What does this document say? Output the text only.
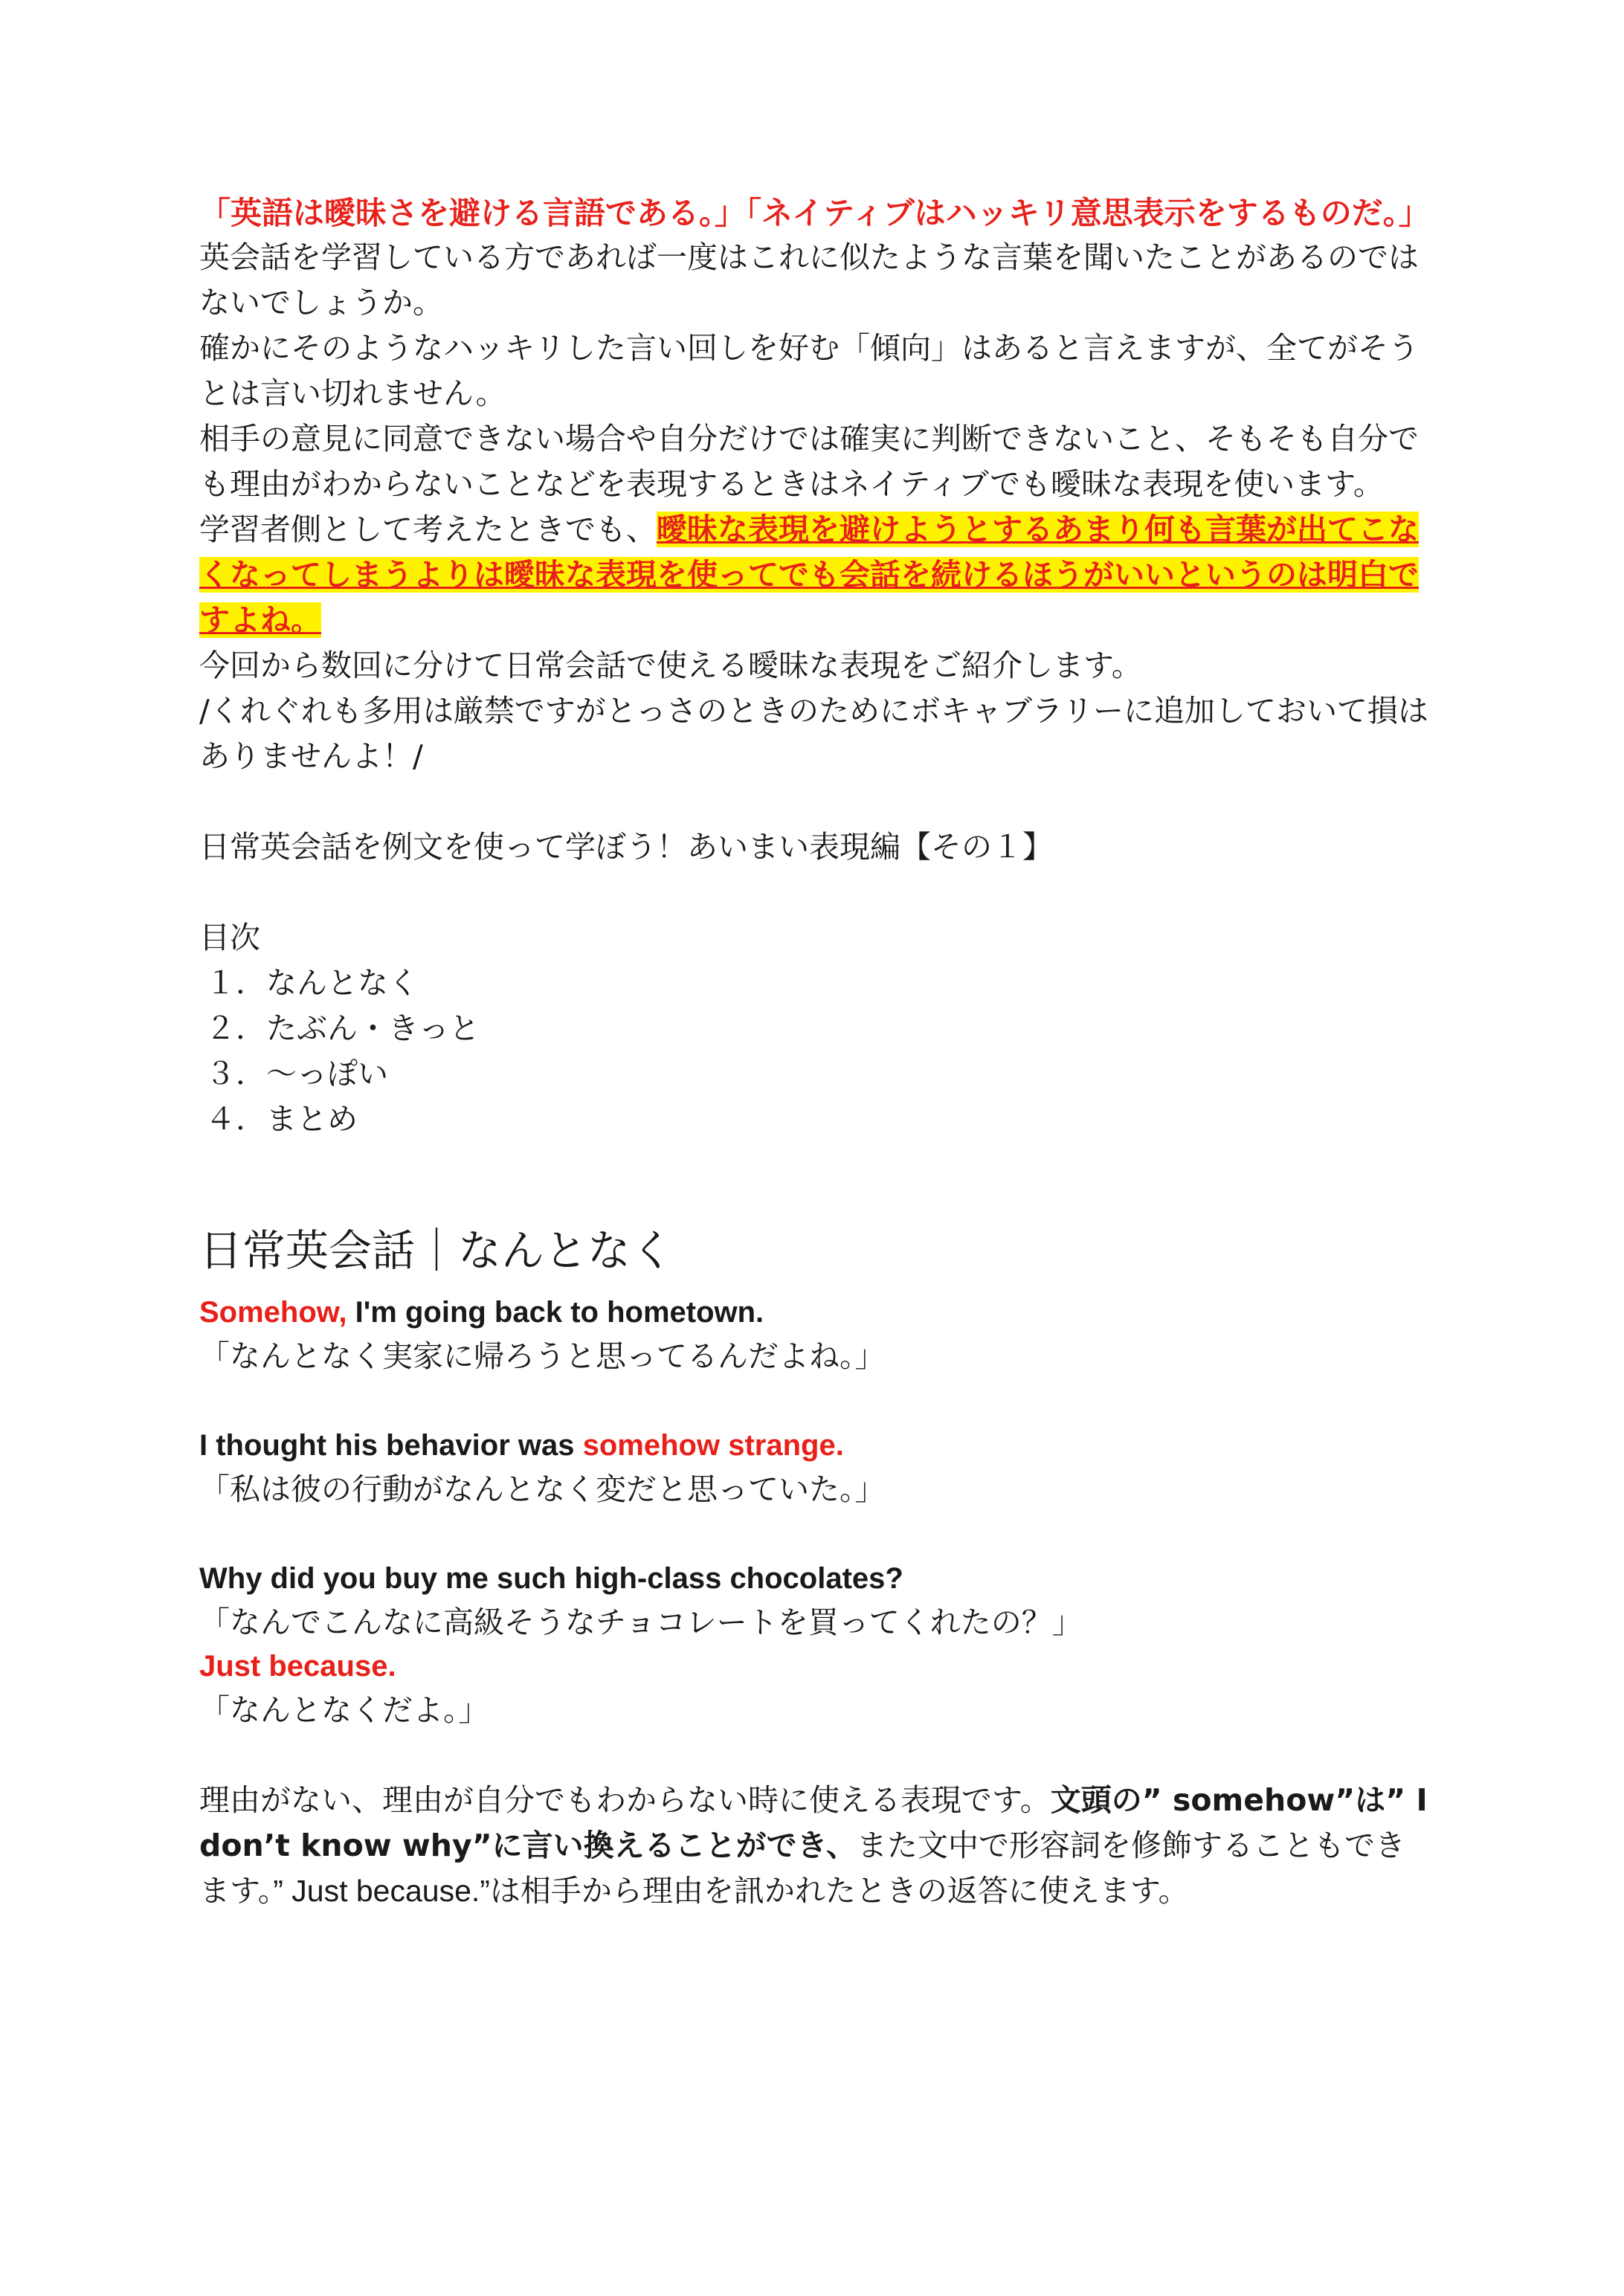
「英語は曖昧さを避ける言語である。」「ネイティブはハッキリ意思表示をするものだ。」

英会話を学習している方であれば一度はこれに似たような言葉を聞いたことがあるのではないでしょうか。

確かにそのようなハッキリした言い回しを好む「傾向」はあると言えますが、全てがそうとは言い切れません。

相手の意見に同意できない場合や自分だけでは確実に判断できないこと、そもそも自分でも理由がわからないことなどを表現するときはネイティブでも曖昧な表現を使います。

学習者側として考えたときでも、曖昧な表現を避けようとするあまり何も言葉が出てこなくなってしまうよりは曖昧な表現を使ってでも会話を続けるほうがいいというのは明白ですよね。

今回から数回に分けて日常会話で使える曖昧な表現をご紹介します。

/くれぐれも多用は厳禁ですがとっさのときのためにボキャブラリーに追加しておいて損はありませんよ！/

日常英会話を例文を使って学ぼう！あいまい表現編【その１】

目次

１．なんとなく

２．たぶん・きっと

３．〜っぽい

４．まとめ

日常英会話｜なんとなく

Somehow, I'm going back to hometown.

「なんとなく実家に帰ろうと思ってるんだよね。」

I thought his behavior was somehow strange.

「私は彼の行動がなんとなく変だと思っていた。」

Why did you buy me such high-class chocolates?

「なんでこんなに高級そうなチョコレートを買ってくれたの？」

Just because.

「なんとなくだよ。」

理由がない、理由が自分でもわからない時に使える表現です。文頭の” somehow”は” I don’t know why”に言い換えることができ、また文中で形容詞を修飾することもできます。” Just because.”は相手から理由を訊かれたときの返答に使えます。
